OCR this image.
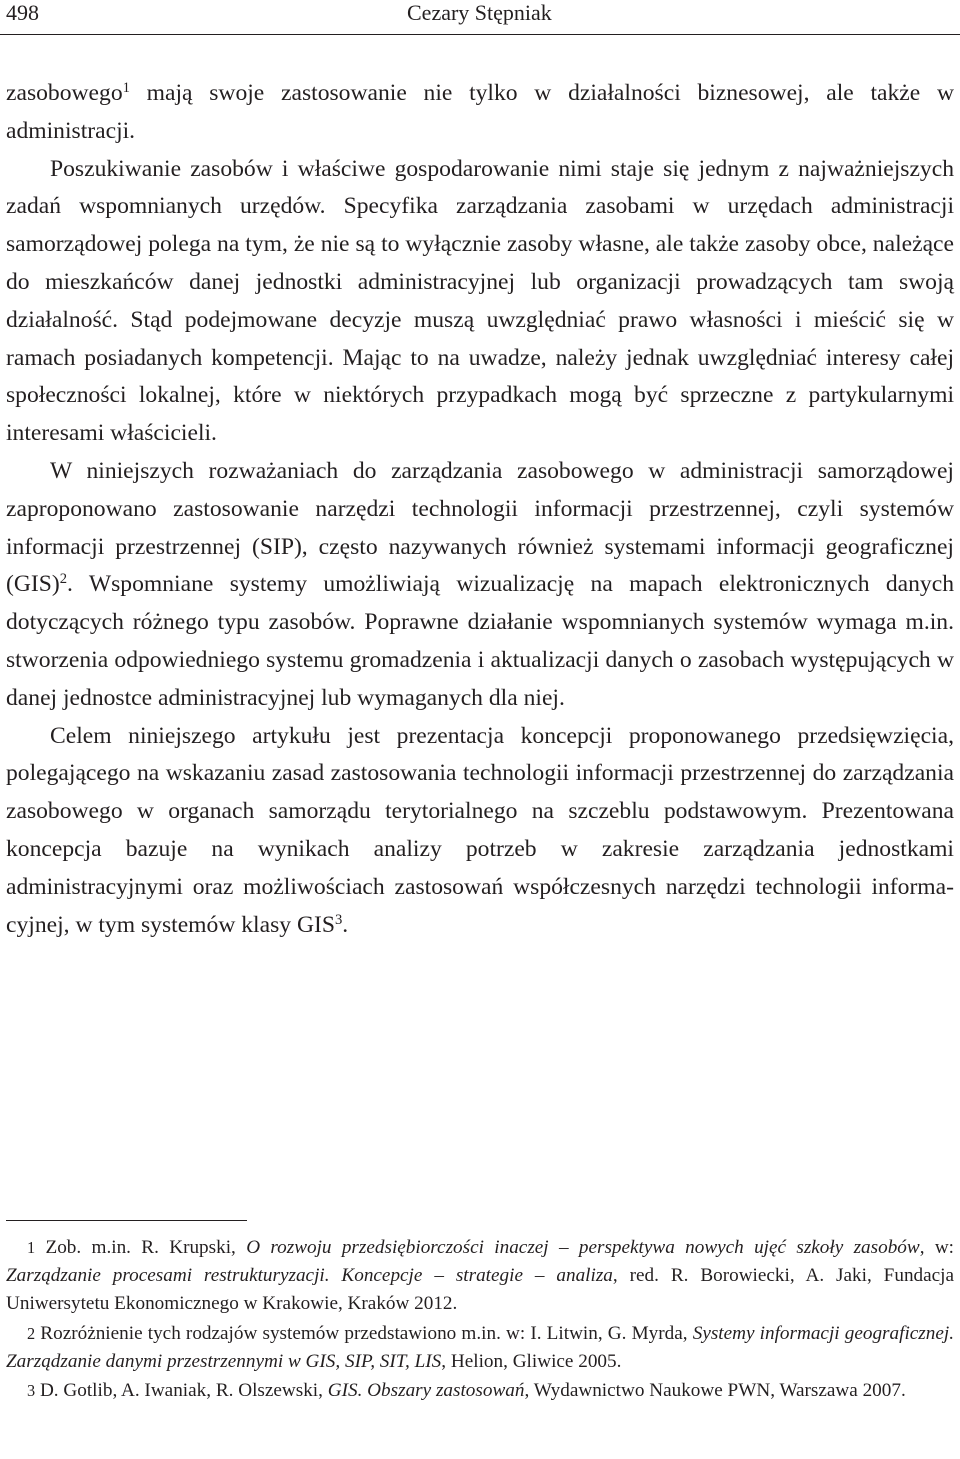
498	Cezary Stępniak

zasobowego$^1$ mają swoje zastosowanie nie tylko w działalności biznesowej, ale także w administracji.

Poszukiwanie zasobów i właściwe gospodarowanie nimi staje się jednym z najważniejszych zadań wspomnianych urzędów. Specyfika zarządzania zasobami w urzędach administracji samorządowej polega na tym, że nie są to wyłącznie zasoby własne, ale także zasoby obce, należące do mieszkańców danej jednostki administracyjnej lub organizacji prowadzących tam swoją działalność. Stąd podejmowane decyzje muszą uwzględniać prawo własności i mieścić się w ramach posiadanych kompetencji. Mając to na uwadze, należy jednak uwzględniać interesy całej społeczności lokalnej, które w niektórych przypadkach mogą być sprzeczne z partykularnymi interesami właścicieli.

W niniejszych rozważaniach do zarządzania zasobowego w administracji samorządowej zaproponowano zastosowanie narzędzi technologii informacji przestrzennej, czyli systemów informacji przestrzennej (SIP), często nazywanych również systemami informacji geograficznej (GIS)$^2$. Wspomniane systemy umożliwiają wizualizację na mapach elektronicznych danych dotyczących różnego typu zasobów. Poprawne działanie wspomnianych systemów wymaga m.in. stworzenia odpowiedniego systemu gromadzenia i aktualizacji danych o zasobach występujących w danej jednostce administracyjnej lub wymaganych dla niej.

Celem niniejszego artykułu jest prezentacja koncepcji proponowanego przedsięwzięcia, polegającego na wskazaniu zasad zastosowania technologii informacji przestrzennej do zarządzania zasobowego w organach samorządu terytorialnego na szczeblu podstawowym. Prezentowana koncepcja bazuje na wynikach analizy potrzeb w zakresie zarządzania jednostkami administracyjnymi oraz możliwościach zastosowań współczesnych narzędzi technologii informacyjnej, w tym systemów klasy GIS$^3$.

1 Zob. m.in. R. Krupski, O rozwoju przedsiębiorczości inaczej – perspektywa nowych ujęć szkoły zasobów, w: Zarządzanie procesami restrukturyzacji. Koncepcje – strategie – analiza, red. R. Borowiecki, A. Jaki, Fundacja Uniwersytetu Ekonomicznego w Krakowie, Kraków 2012.

2 Rozróżnienie tych rodzajów systemów przedstawiono m.in. w: I. Litwin, G. Myrda, Systemy informacji geograficznej. Zarządzanie danymi przestrzennymi w GIS, SIP, SIT, LIS, Helion, Gliwice 2005.

3 D. Gotlib, A. Iwaniak, R. Olszewski, GIS. Obszary zastosowań, Wydawnictwo Naukowe PWN, Warszawa 2007.
